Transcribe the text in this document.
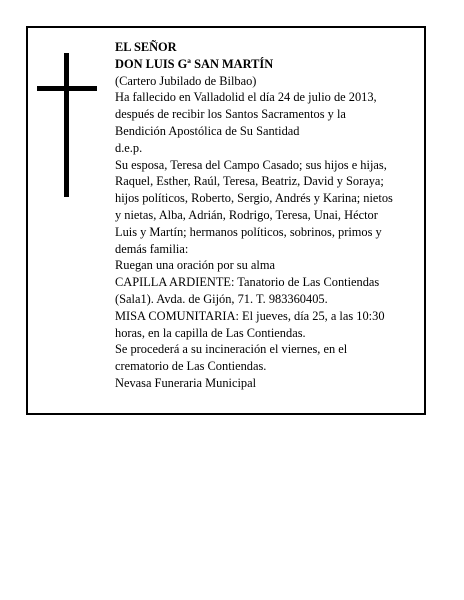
EL SEÑOR
DON LUIS Gª SAN MARTÍN
(Cartero Jubilado de Bilbao)
Ha fallecido en Valladolid el día 24 de julio de 2013,
después de recibir los Santos Sacramentos y la
Bendición Apostólica de Su Santidad
d.e.p.
Su esposa, Teresa del Campo Casado; sus hijos e hijas,
Raquel, Esther, Raúl, Teresa, Beatriz, David y Soraya;
hijos políticos, Roberto, Sergio, Andrés y Karina; nietos
y nietas, Alba, Adrián, Rodrigo, Teresa, Unai, Héctor
Luis y Martín; hermanos políticos, sobrinos, primos y
demás familia:
Ruegan una oración por su alma
CAPILLA ARDIENTE: Tanatorio de Las Contiendas
(Sala1). Avda. de Gijón, 71. T. 983360405.
MISA COMUNITARIA: El jueves, día 25, a las 10:30
horas, en la capilla de Las Contiendas.
Se procederá a su incineración el viernes, en el
crematorio de Las Contiendas.
Nevasa Funeraria Municipal
